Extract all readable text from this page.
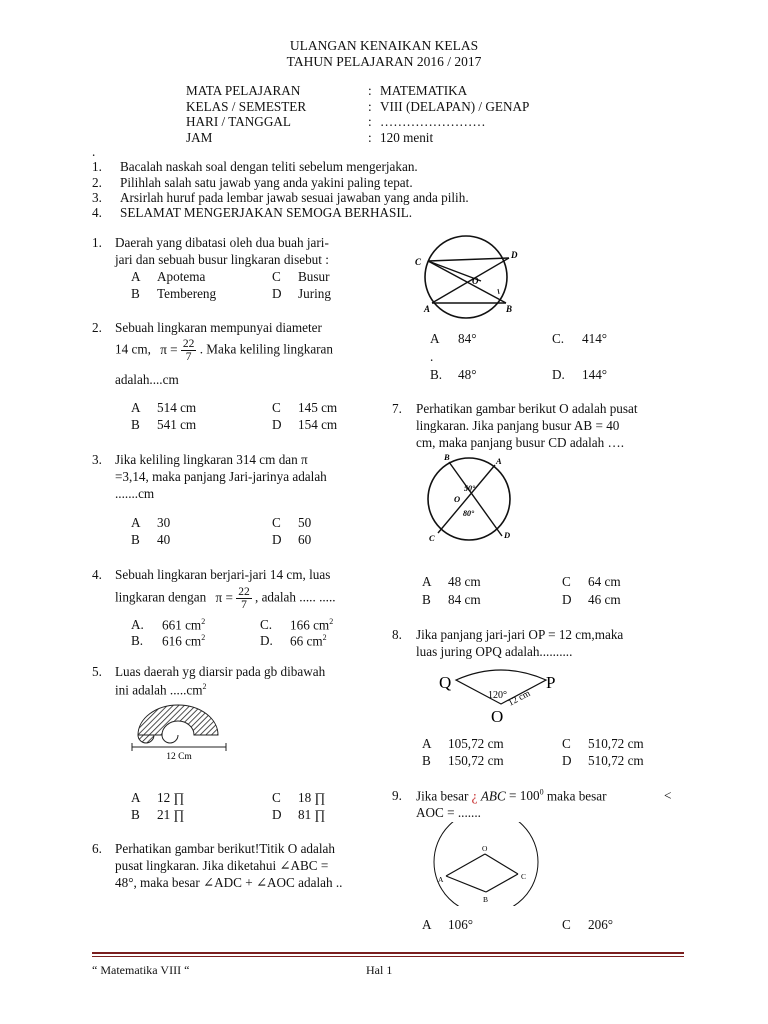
ULANGAN KENAIKAN KELAS
TAHUN PELAJARAN 2016 / 2017
MATA PELAJARAN	: MATEMATIKA
KELAS / SEMESTER	: VIII (DELAPAN) / GENAP
HARI / TANGGAL	: ……………………
JAM	: 120 menit
.
1. Bacalah naskah soal dengan teliti sebelum mengerjakan.
2. Pilihlah salah satu jawab yang anda yakini paling tepat.
3. Arsirlah huruf pada lembar jawab sesuai jawaban yang anda pilih.
4. SELAMAT MENGERJAKAN SEMOGA BERHASIL.
1. Daerah yang dibatasi oleh dua buah jari-
jari dan sebuah busur lingkaran disebut :
A Apotema	C Busur
B Tembereng	D Juring
2. Sebuah lingkaran mempunyai diameter
14 cm, $\pi = \frac{22}{7}$ . Maka keliling lingkaran
adalah....cm
A 514 cm	C 145 cm
B 541 cm	D 154 cm
3. Jika keliling lingkaran 314 cm dan π
=3,14, maka panjang Jari-jarinya adalah
.......cm
A 30	C 50
B 40	D 60
4. Sebuah lingkaran berjari-jari 14 cm, luas
lingkaran dengan $\pi = \frac{22}{7}$ , adalah ..... .....
A. 661 $cm^2$	C. 166 $cm^2$
B. 616 $cm^2$	D. 66 $cm^2$
5. Luas daerah yg diarsir pada gb dibawah
ini adalah $.....cm^2$
12 Cm
A 12 ∏	C 18 ∏
B 21 ∏	D 81 ∏
6. Perhatikan gambar berikut!Titik O adalah
pusat lingkaran. Jika diketahui ∠ABC =
48°, maka besar ∠ADC + ∠AOC adalah ..
C
D
O
A	B
A 84°	C. 414°
.
B. 48°	D. 144°
7. Perhatikan gambar berikut O adalah pusat
lingkaran. Jika panjang busur AB = 40
cm, maka panjang busur CD adalah ….
B	A
O
50°
80°
C	D
A 48 cm	C 64 cm
B 84 cm	D 46 cm
8. Jika panjang jari-jari OP = 12 cm,maka
luas juring OPQ adalah..........
Q	P
O
120° 12 cm
A 105,72 cm	C 510,72 cm
B 150,72 cm	D 510,72 cm
9. Jika besar ¿ ABC = $100^0$ maka besar	<
AOC = .......
O
A
B
C
A 106°	C 206°
“ Matematika VIII “	Hal 1
